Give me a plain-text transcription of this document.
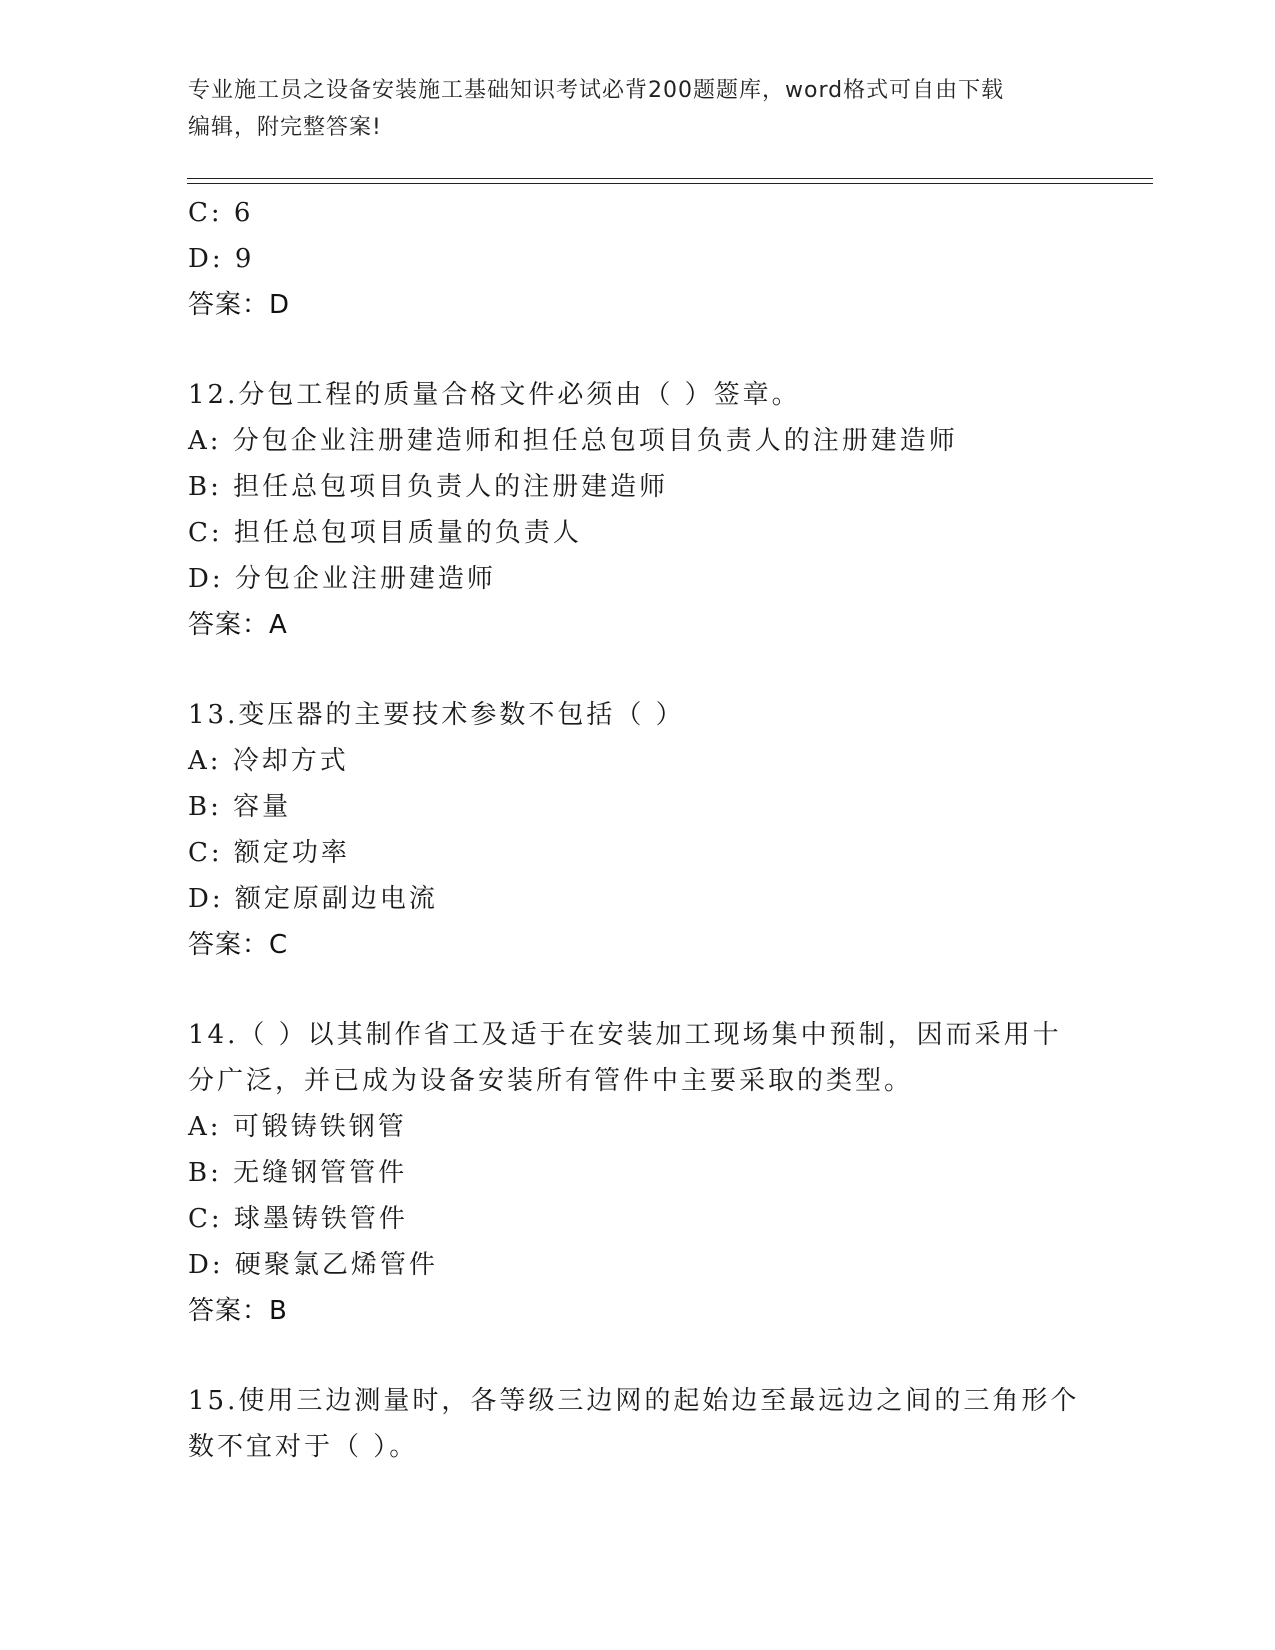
专业施工员之设备安装施工基础知识考试必背200题题库，word格式可自由下载
编辑，附完整答案!
C: 6
D: 9
答案：D
12.分包工程的质量合格文件必须由（ ）签章。
A: 分包企业注册建造师和担任总包项目负责人的注册建造师
B: 担任总包项目负责人的注册建造师
C: 担任总包项目质量的负责人
D: 分包企业注册建造师
答案：A
13.变压器的主要技术参数不包括（ ）
A: 冷却方式
B: 容量
C: 额定功率
D: 额定原副边电流
答案：C
14.（ ）以其制作省工及适于在安装加工现场集中预制，因而采用十
分广泛，并已成为设备安装所有管件中主要采取的类型。
A: 可锻铸铁钢管
B: 无缝钢管管件
C: 球墨铸铁管件
D: 硬聚氯乙烯管件
答案：B
15.使用三边测量时，各等级三边网的起始边至最远边之间的三角形个
数不宜对于（ ）。
